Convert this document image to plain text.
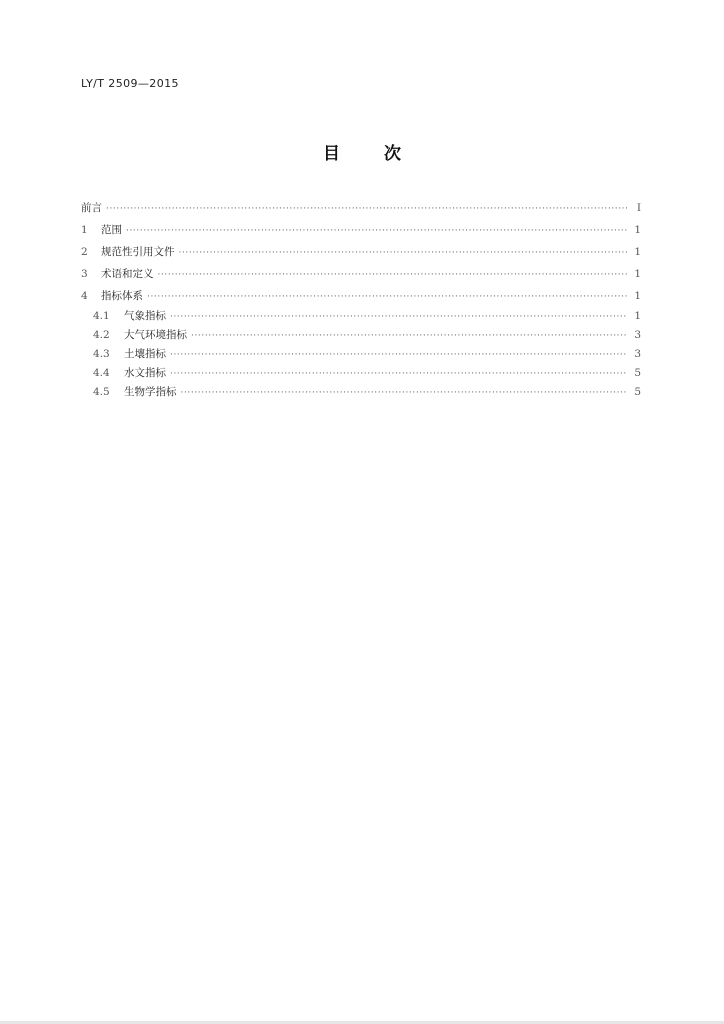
LY/T 2509—2015
目	次
前言 ·····	Ⅰ
1	范围 ·····	1
2	规范性引用文件 ·····	1
3	术语和定义 ·····	1
4	指标体系 ·····	1
4.1	气象指标 ·····	1
4.2	大气环境指标 ·····	3
4.3	土壤指标 ·····	3
4.4	水文指标 ·····	5
4.5	生物学指标 ·····	5
